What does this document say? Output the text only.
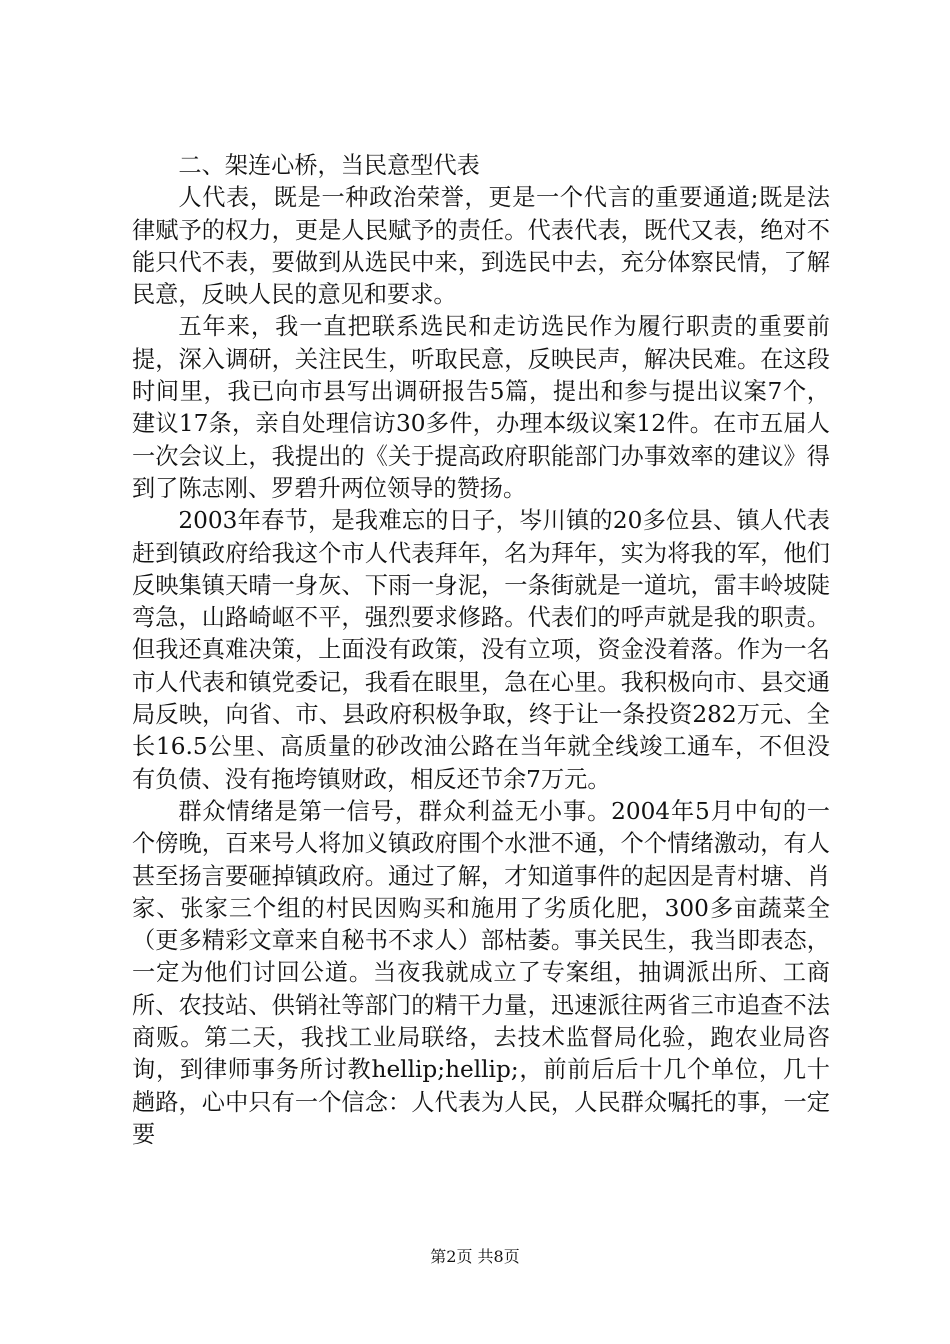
二、架连心桥，当民意型代表

人代表，既是一种政治荣誉，更是一个代言的重要通道;既是法律赋予的权力，更是人民赋予的责任。代表代表，既代又表，绝对不能只代不表，要做到从选民中来，到选民中去，充分体察民情，了解民意，反映人民的意见和要求。

五年来，我一直把联系选民和走访选民作为履行职责的重要前提，深入调研，关注民生，听取民意，反映民声，解决民难。在这段时间里，我已向市县写出调研报告5篇，提出和参与提出议案7个，建议17条，亲自处理信访30多件，办理本级议案12件。在市五届人一次会议上，我提出的《关于提高政府职能部门办事效率的建议》得到了陈志刚、罗碧升两位领导的赞扬。

2003年春节，是我难忘的日子，岑川镇的20多位县、镇人代表赶到镇政府给我这个市人代表拜年，名为拜年，实为将我的军，他们反映集镇天晴一身灰、下雨一身泥，一条街就是一道坑，雷丰岭坡陡弯急，山路崎岖不平，强烈要求修路。代表们的呼声就是我的职责。但我还真难决策，上面没有政策，没有立项，资金没着落。作为一名市人代表和镇党委记，我看在眼里，急在心里。我积极向市、县交通局反映，向省、市、县政府积极争取，终于让一条投资282万元、全长16.5公里、高质量的砂改油公路在当年就全线竣工通车，不但没有负债、没有拖垮镇财政，相反还节余7万元。

群众情绪是第一信号，群众利益无小事。2004年5月中旬的一个傍晚，百来号人将加义镇政府围个水泄不通，个个情绪激动，有人甚至扬言要砸掉镇政府。通过了解，才知道事件的起因是青村塘、肖家、张家三个组的村民因购买和施用了劣质化肥，300多亩蔬菜全（更多精彩文章来自秘书不求人）部枯萎。事关民生，我当即表态，一定为他们讨回公道。当夜我就成立了专案组，抽调派出所、工商所、农技站、供销社等部门的精干力量，迅速派往两省三市追查不法商贩。第二天，我找工业局联络，去技术监督局化验，跑农业局咨询，到律师事务所讨教hellip;hellip;，前前后后十几个单位，几十趟路，心中只有一个信念：人代表为人民，人民群众嘱托的事，一定要

第2页 共8页
